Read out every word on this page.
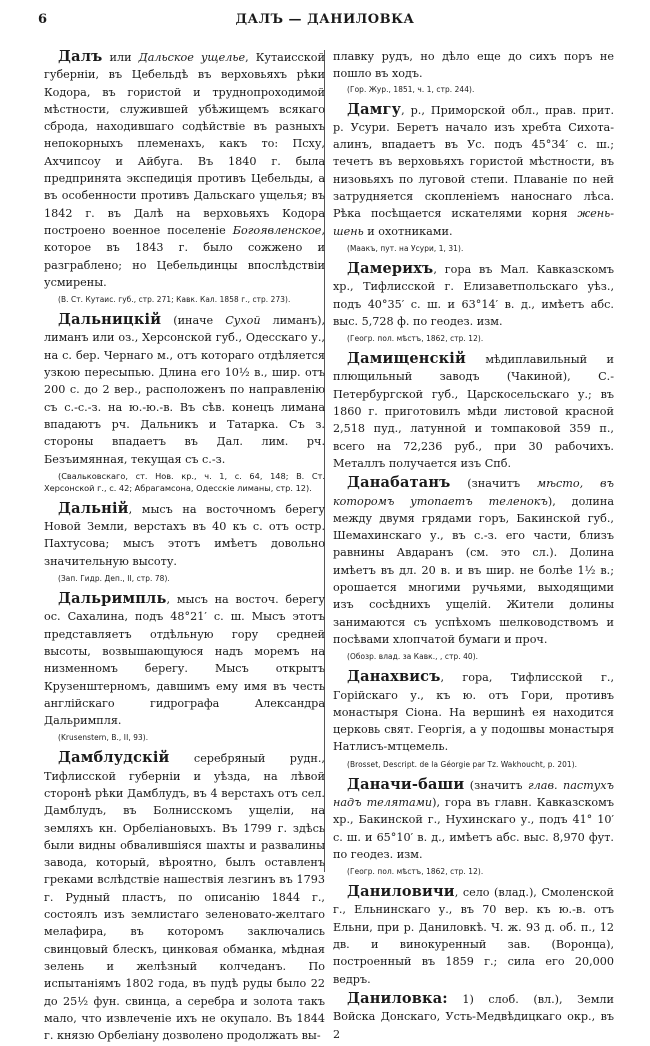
6	ДАЛЪ — ДАНИЛОВКА

Далъ или Дальское ущелье, Кутаисской губерніи, въ Цебельдѣ въ верховьяхъ рѣки Кодора, въ гористой и труднопроходимой мѣстности, служившей убѣжищемъ всякаго сброда, находившаго содѣйствіе въ разныхъ непокорныхъ племенахъ, какъ то: Псху, Ахчипсоу и Айбуга. Въ 1840 г. была предпринята экспедиція противъ Цебельды, а въ особенности противъ Дальскаго ущелья; въ 1842 г. въ Далѣ на верховьяхъ Кодора построено военное поселеніе Богоявленское, которое въ 1843 г. было сожжено и разграблено; но Цебельдинцы впослѣдствіи усмирены.

(В. Ст. Кутаис. губ., стр. 271; Кавк. Кал. 1858 г., стр. 273).

Дальницкій (иначе Сухой лиманъ), лиманъ или оз., Херсонской губ., Одесскаго у., на с. бер. Чернаго м., отъ котораго отдѣляется узкою пересыпью. Длина его 10½ в., шир. отъ 200 с. до 2 вер., расположенъ по направленію съ с.-с.-з. на ю.-ю.-в. Въ сѣв. конецъ лимана впадаютъ рч. Дальникъ и Татарка. Съ з. стороны впадаетъ въ Дал. лим. рч. Безъимянная, текущая съ с.-з.

(Свальковскаго, ст. Нов. кр., ч. 1, с. 64, 148; В. Ст. Херсонской г., с. 42; Абрагамсона, Одесскіе лиманы, стр. 12).

Дальній, мысъ на восточномъ берегу Новой Земли, верстахъ въ 40 къ с. отъ остр. Пахтусова; мысъ этотъ имѣетъ довольно значительную высоту.

(Зап. Гидр. Деп., II, стр. 78).

Дальримпль, мысъ на восточ. берегу ос. Сахалина, подъ 48°21′ с. ш. Мысъ этотъ представляетъ отдѣльную гору средней высоты, возвышающуюся надъ моремъ на низменномъ берегу. Мысъ открытъ Крузенштерномъ, давшимъ ему имя въ честь англійскаго гидрографа Александра Дальримпля.

(Krusenstern, B., II, 93).

Дамблудскій серебряный рудн., Тифлисской губерніи и уѣзда, на лѣвой сторонѣ рѣки Дамблудъ, въ 4 верстахъ отъ сел. Дамблудъ, въ Болнисскомъ ущеліи, на земляхъ кн. Орбеліановыхъ. Въ 1799 г. здѣсь были видны обвалившіяся шахты и развалины завода, который, вѣроятно, былъ оставленъ греками вслѣдствіе нашествія лезгинъ въ 1793 г. Рудный пластъ, по описанію 1844 г., состоялъ изъ землистаго зеленовато-желтаго мелафира, въ которомъ заключались свинцовый блескъ, цинковая обманка, мѣдная зелень и желѣзный колчеданъ. По испытаніямъ 1802 года, въ пудѣ руды было 22 до 25½ фун. свинца, а серебра и золота такъ мало, что извлеченіе ихъ не окупало. Въ 1844 г. князю Орбеліану дозволено продолжать вы-

плавку рудъ, но дѣло еще до сихъ поръ не пошло въ ходъ.

(Гор. Жур., 1851, ч. 1, стр. 244).

Дамгу, р., Приморской обл., прав. прит. р. Усури. Беретъ начало изъ хребта Сихота-алинъ, впадаетъ въ Ус. подъ 45°34′ с. ш.; течетъ въ верховьяхъ гористой мѣстности, въ низовьяхъ по луговой степи. Плаваніе по ней затрудняется скопленіемъ наноснаго лѣса. Рѣка посѣщается искателями корня жень-шень и охотниками.

(Маакъ, пут. на Усури, 1, 31).

Дамерихъ, гора въ Мал. Кавказскомъ хр., Тифлисской г. Елизаветпольскаго уѣз., подъ 40°35′ с. ш. и 63°14′ в. д., имѣетъ абс. выс. 5,728 ф. по геодез. изм.

(Геогр. пол. мѣстъ, 1862, стр. 12).

Дамищенскій мѣдиплавильный и плющильный заводъ (Чакиной), С.-Петербургской губ., Царскосельскаго у.; въ 1860 г. приготовилъ мѣди листовой красной 2,518 пуд., латунной и томпаковой 359 п., всего на 72,236 руб., при 30 рабочихъ. Металлъ получается изъ Спб.

Данабатанъ (значитъ мѣсто, въ которомъ утопаетъ теленокъ), долина между двумя грядами горъ, Бакинской губ., Шемахинскаго у., въ с.-з. его части, близъ равнины Авдаранъ (см. это сл.). Долина имѣетъ въ дл. 20 в. и въ шир. не болѣе 1½ в.; орошается многими ручьями, выходящими изъ сосѣднихъ ущелій. Жители долины занимаются съ успѣхомъ шелководствомъ и посѣвами хлопчатой бумаги и проч.

(Обозр. влад. за Кавк., , стр. 40).

Данахвисъ, гора, Тифлисской г., Горійскаго у., къ ю. отъ Гори, противъ монастыря Сіона. На вершинѣ ея находится церковь свят. Георгія, а у подошвы монастыря Натлисъ-мтцемель.

(Brosset, Descript. de la Géorgie par Tz. Wakhoucht, p. 201).

Даначи-баши (значитъ глав. пастухъ надъ телятами), гора въ главн. Кавказскомъ хр., Бакинской г., Нухинскаго у., подъ 41° 10′ с. ш. и 65°10′ в. д., имѣетъ абс. выс. 8,970 фут. по геодез. изм.

(Геогр. пол. мѣстъ, 1862, стр. 12).

Даниловичи, село (влад.), Смоленской г., Ельнинскаго у., въ 70 вер. къ ю.-в. отъ Ельни, при р. Даниловкѣ. Ч. ж. 93 д. об. п., 12 дв. и винокуренный зав. (Воронца), построенный въ 1859 г.; сила его 20,000 ведръ.

Даниловка: 1) слоб. (вл.), Земли Войска Донскаго, Усть-Медвѣдицкаго окр., въ 2
